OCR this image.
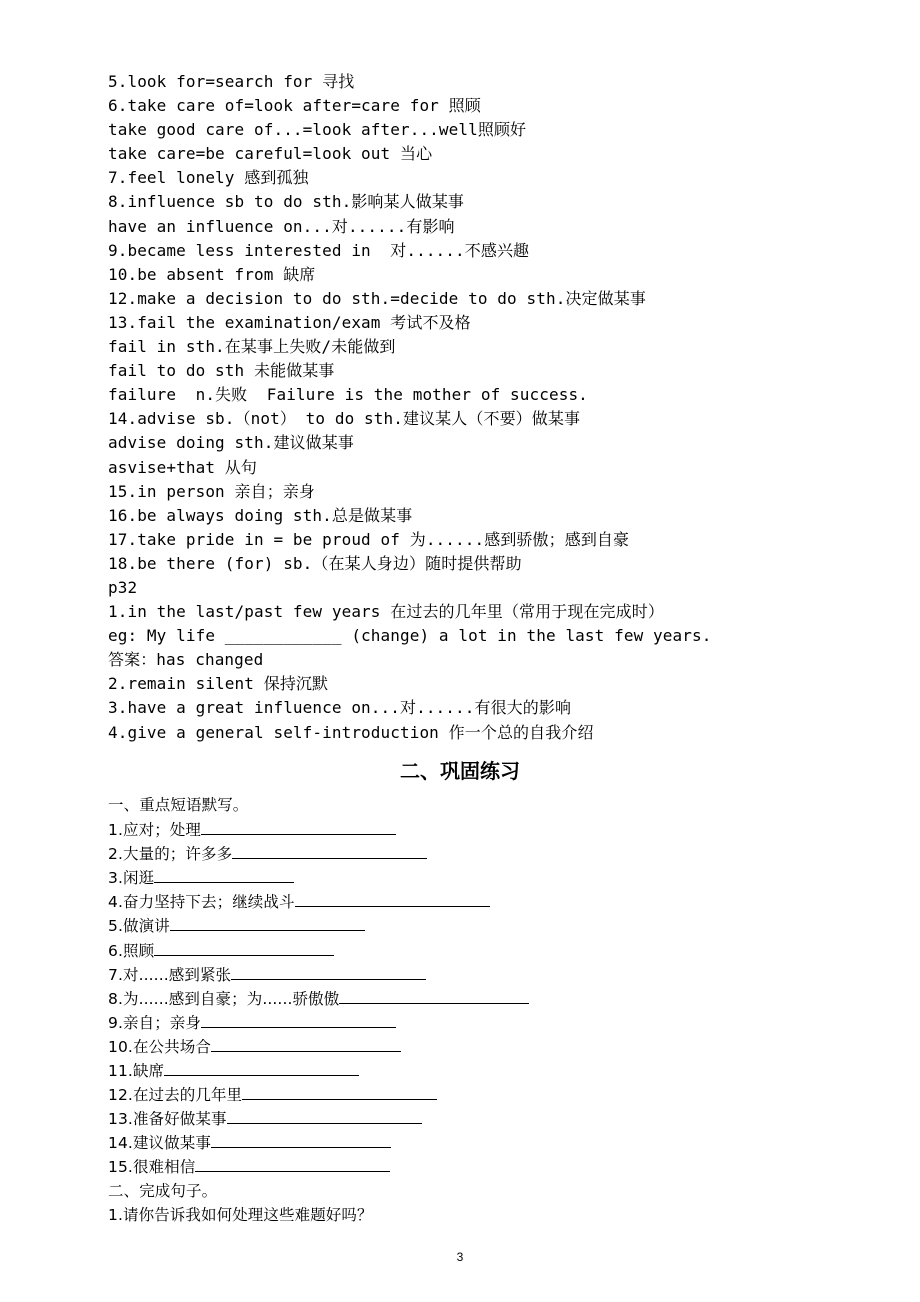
5.look for=search for 寻找
6.take care of=look after=care for 照顾
take good care of...=look after...well照顾好
take care=be careful=look out 当心
7.feel lonely 感到孤独
8.influence sb to do sth.影响某人做某事
have an influence on...对......有影响
9.became less interested in  对......不感兴趣
10.be absent from 缺席
12.make a decision to do sth.=decide to do sth.决定做某事
13.fail the examination/exam 考试不及格
fail in sth.在某事上失败/未能做到
fail to do sth 未能做某事
failure  n.失败  Failure is the mother of success.
14.advise sb.（not） to do sth.建议某人（不要）做某事
advise doing sth.建议做某事
asvise+that 从句
15.in person 亲自；亲身
16.be always doing sth.总是做某事
17.take pride in = be proud of 为......感到骄傲；感到自豪
18.be there (for) sb.（在某人身边）随时提供帮助
p32
1.in the last/past few years 在过去的几年里（常用于现在完成时）
eg: My life ____________ (change) a lot in the last few years.
答案：has changed
2.remain silent 保持沉默
3.have a great influence on...对......有很大的影响
4.give a general self-introduction 作一个总的自我介绍
二、巩固练习
一、重点短语默写。
1.应对；处理
2.大量的；许多多
3.闲逛
4.奋力坚持下去；继续战斗
5.做演讲
6.照顾
7.对......感到紧张
8.为......感到自豪；为......骄傲傲
9.亲自；亲身
10.在公共场合
11.缺席
12.在过去的几年里
13.准备好做某事
14.建议做某事
15.很难相信
二、完成句子。
1.请你告诉我如何处理这些难题好吗？
3
